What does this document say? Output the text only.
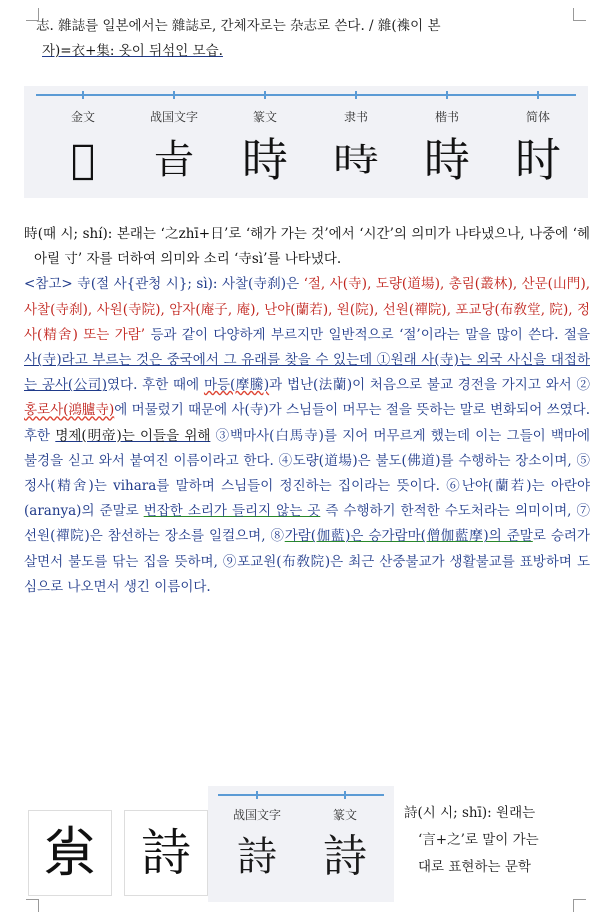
志. 雜誌를 일본에서는 雜誌로, 간체자로는 杂志로 쓴다. / 雜(襍이 본
자)=衣+集: 옷이 뒤섞인 모습.
金文	战国文字	篆文	隶书	楷书	简体
𣆪	㫖	時 時 時 时

時(때 시; shí): 본래는 ‘之zhī+日’로 ‘해가 가는 것’에서 ‘시간’의 의미가 나타냈으나, 나중에 ‘헤아릴 寸’ 자를 더하여 의미와 소리 ‘寺sì’를 나타냈다.

<참고> 寺(절 사{관청 시}; sì): 사찰(寺刹)은 ‘절, 사(寺), 도량(道場), 총림(叢林), 산문(山門), 사찰(寺刹), 사원(寺院), 암자(庵子, 庵), 난야(蘭若), 원(院), 선원(禪院), 포교당(布敎堂, 院), 정사(精舍) 또는 가람’ 등과 같이 다양하게 부르지만 일반적으로 ‘절’이라는 말을 많이 쓴다. 절을 사(寺)라고 부르는 것은 중국에서 그 유래를 찾을 수 있는데 ①원래 사(寺)는 외국 사신을 대접하는 공사(公司)였다. 후한 때에 마등(摩騰)과 법난(法蘭)이 처음으로 불교 경전을 가지고 와서 ②홍로사(鴻臚寺)에 머물렀기 때문에 사(寺)가 스님들이 머무는 절을 뜻하는 말로 변화되어 쓰였다. 후한 명제(明帝)는 이들을 위해 ③백마사(白馬寺)를 지어 머무르게 했는데 이는 그들이 백마에 불경을 싣고 와서 붙여진 이름이라고 한다. ④도량(道場)은 불도(佛道)를 수행하는 장소이며, ⑤정사(精舍)는 vihara를 말하며 스님들이 정진하는 집이라는 뜻이다. ⑥난야(蘭若)는 아란야(aranya)의 준말로 번잡한 소리가 들리지 않는 곳 즉 수행하기 한적한 수도처라는 의미이며, ⑦선원(禪院)은 참선하는 장소를 일컬으며, ⑧가람(伽藍)은 승가람마(僧伽藍摩)의 준말로 승려가 살면서 불도를 닦는 집을 뜻하며, ⑨포교원(布敎院)은 최근 산중불교가 생활불교를 표방하며 도심으로 나오면서 생긴 이름이다.

𡭴 詩
战国文字	篆文
詩	詩
詩(시 시; shī): 원래는
‘言+之’로 말이 가는
대로 표현하는 문학
